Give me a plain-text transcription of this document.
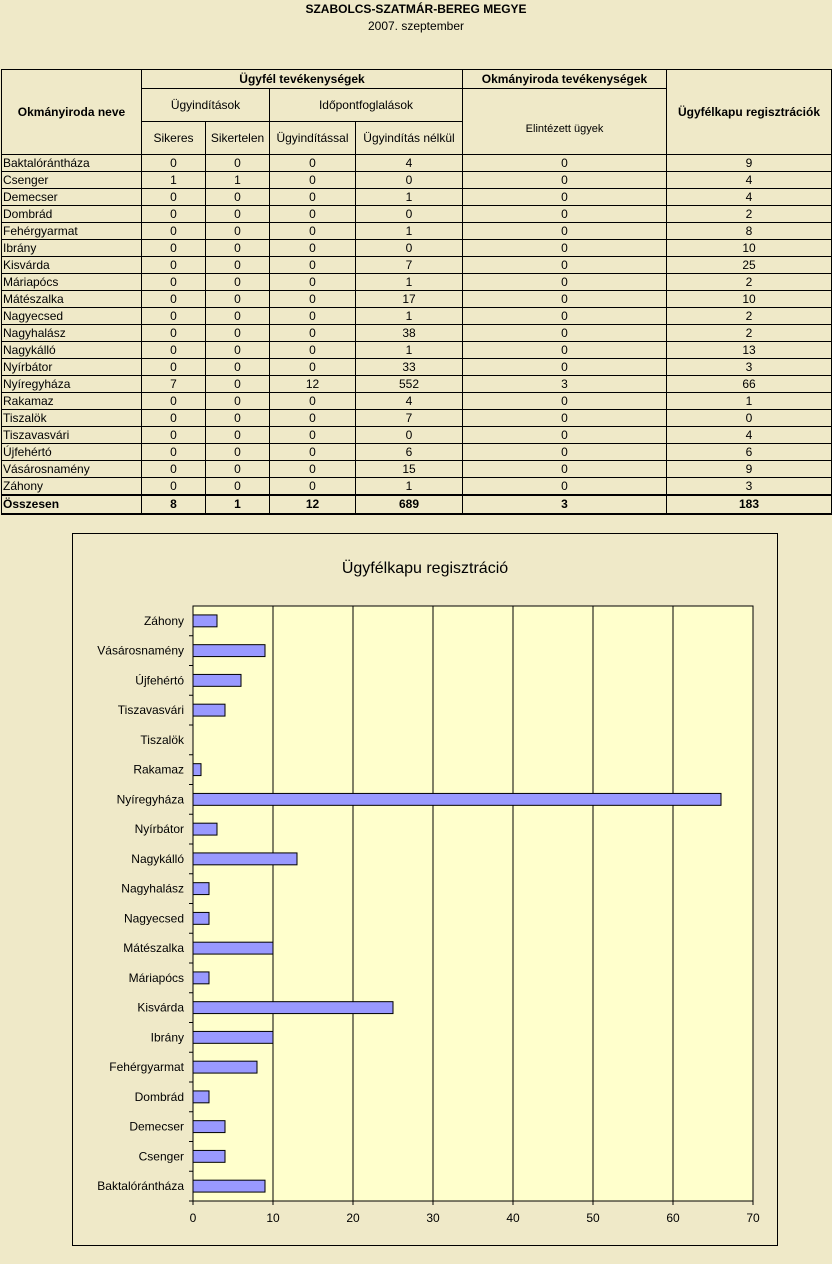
SZABOLCS-SZATMÁR-BEREG MEGYE
2007. szeptember
Okmányiroda neve	Ügyfél tevékenységek				Okmányiroda tevékenységek	Ügyfélkapu regisztrációk
	Ügyindítások		Időpontfoglalások		Elintézett ügyek	
	Sikeres	Sikertelen	Ügyindítással	Ügyindítás nélkül		
Baktalórántháza	0	0	0	4	0	9
Csenger	1	1	0	0	0	4
Demecser	0	0	0	1	0	4
Dombrád	0	0	0	0	0	2
Fehérgyarmat	0	0	0	1	0	8
Ibrány	0	0	0	0	0	10
Kisvárda	0	0	0	7	0	25
Máriapócs	0	0	0	1	0	2
Mátészalka	0	0	0	17	0	10
Nagyecsed	0	0	0	1	0	2
Nagyhalász	0	0	0	38	0	2
Nagykálló	0	0	0	1	0	13
Nyírbátor	0	0	0	33	0	3
Nyíregyháza	7	0	12	552	3	66
Rakamaz	0	0	0	4	0	1
Tiszalök	0	0	0	7	0	0
Tiszavasvári	0	0	0	0	0	4
Újfehértó	0	0	0	6	0	6
Vásárosnamény	0	0	0	15	0	9
Záhony	0	0	0	1	0	3
Összesen	8	1	12	689	3	183
Ügyfélkapu regisztráció
Baktalórántháza
Csenger
Demecser
Dombrád
Fehérgyarmat
Ibrány
Kisvárda
Máriapócs
Mátészalka
Nagyecsed
Nagyhalász
Nagykálló
Nyírbátor
Nyíregyháza
Rakamaz
Tiszalök
Tiszavasvári
Újfehértó
Vásárosnamény
Záhony
0	10	20	30	40	50	60	70
